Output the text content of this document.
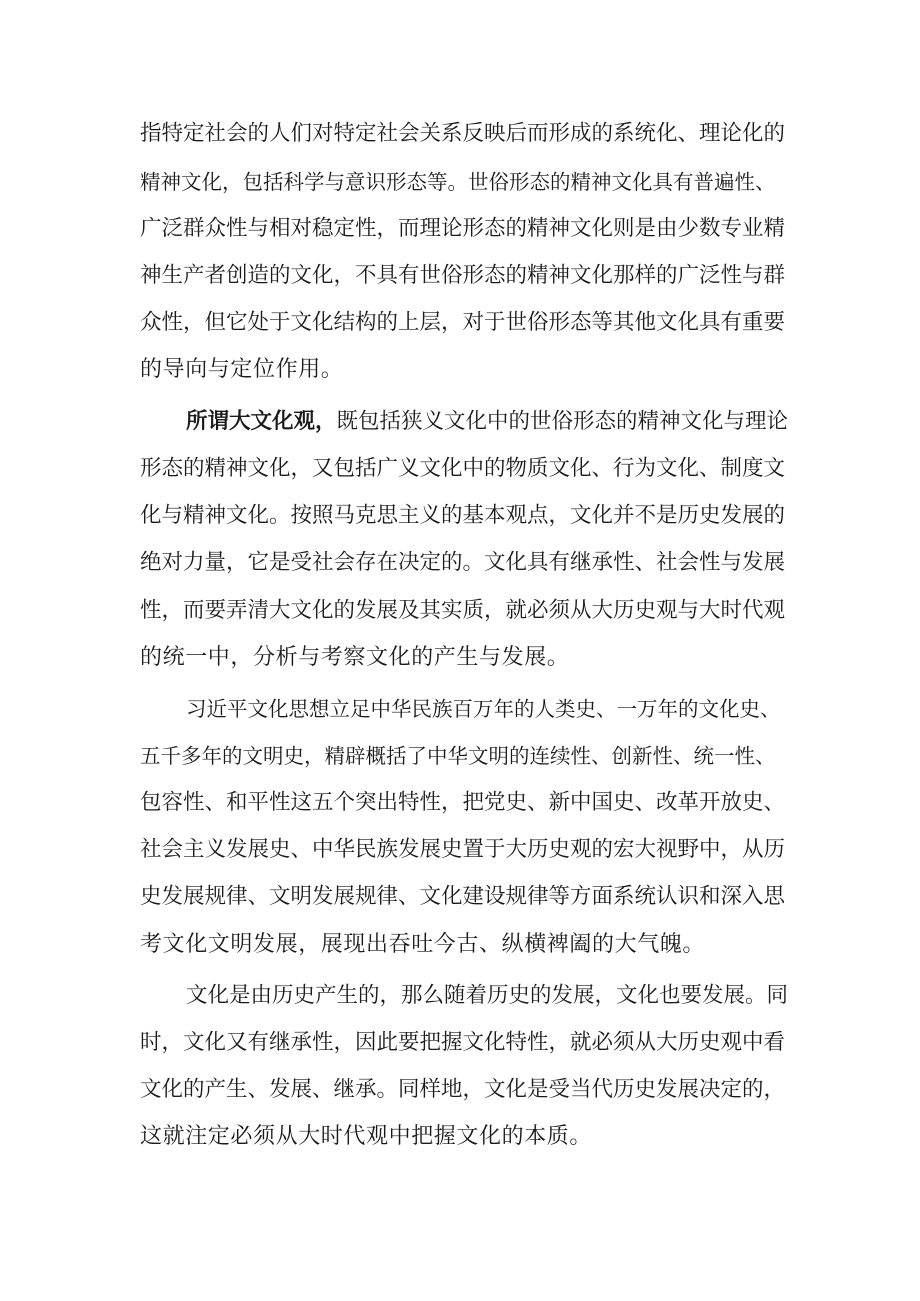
指特定社会的人们对特定社会关系反映后而形成的系统化、理论化的
精神文化，包括科学与意识形态等。世俗形态的精神文化具有普遍性、
广泛群众性与相对稳定性，而理论形态的精神文化则是由少数专业精
神生产者创造的文化，不具有世俗形态的精神文化那样的广泛性与群
众性，但它处于文化结构的上层，对于世俗形态等其他文化具有重要
的导向与定位作用。
所谓大文化观，既包括狭义文化中的世俗形态的精神文化与理论
形态的精神文化，又包括广义文化中的物质文化、行为文化、制度文
化与精神文化。按照马克思主义的基本观点，文化并不是历史发展的
绝对力量，它是受社会存在决定的。文化具有继承性、社会性与发展
性，而要弄清大文化的发展及其实质，就必须从大历史观与大时代观
的统一中，分析与考察文化的产生与发展。
习近平文化思想立足中华民族百万年的人类史、一万年的文化史、
五千多年的文明史，精辟概括了中华文明的连续性、创新性、统一性、
包容性、和平性这五个突出特性，把党史、新中国史、改革开放史、
社会主义发展史、中华民族发展史置于大历史观的宏大视野中，从历
史发展规律、文明发展规律、文化建设规律等方面系统认识和深入思
考文化文明发展，展现出吞吐今古、纵横裨阖的大气魄。
文化是由历史产生的，那么随着历史的发展，文化也要发展。同
时，文化又有继承性，因此要把握文化特性，就必须从大历史观中看
文化的产生、发展、继承。同样地，文化是受当代历史发展决定的，
这就注定必须从大时代观中把握文化的本质。
